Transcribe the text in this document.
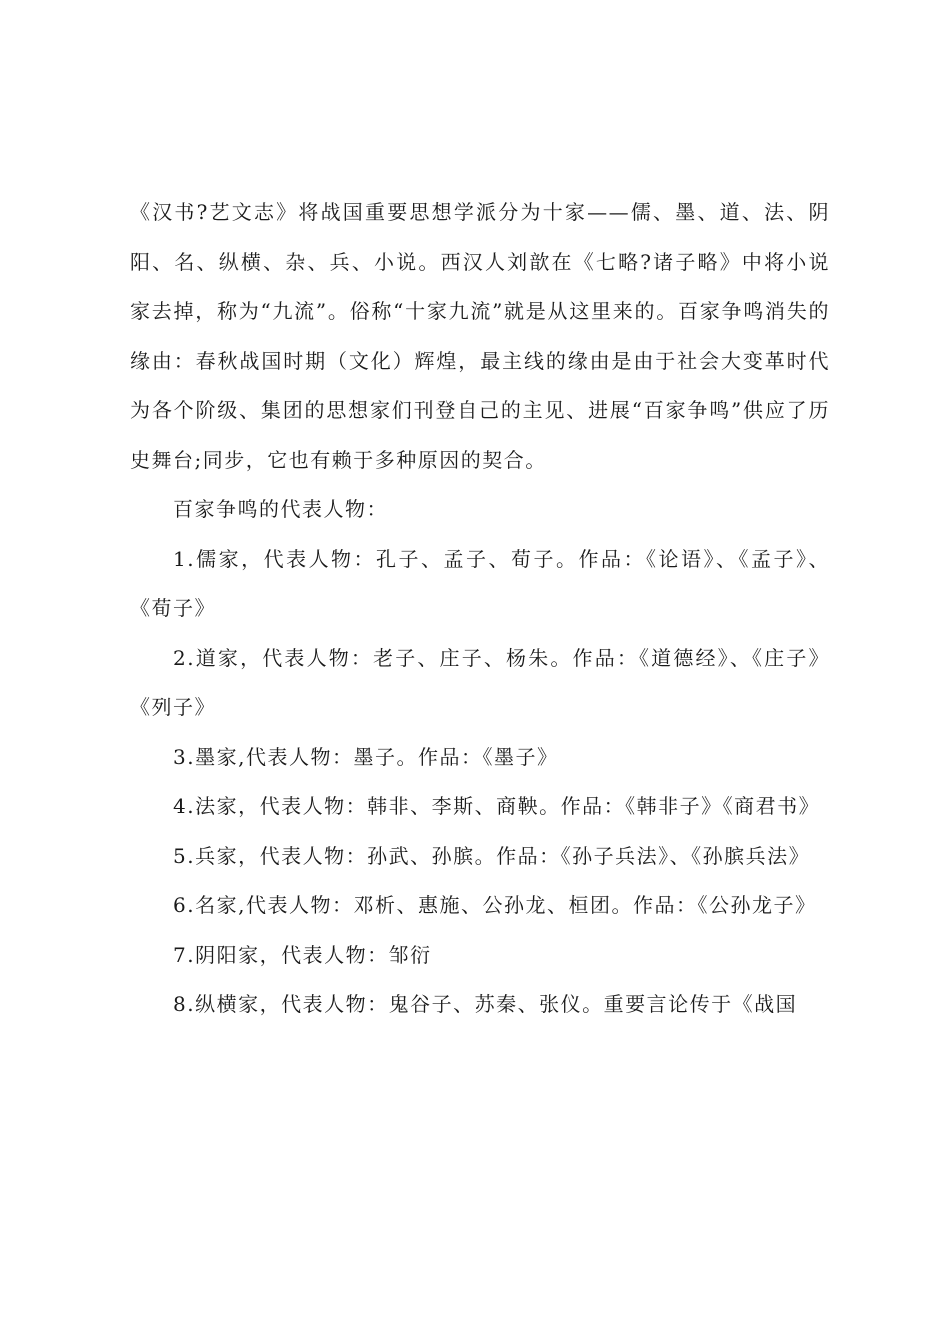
《汉书?艺文志》将战国重要思想学派分为十家——儒、墨、道、法、阴阳、名、纵横、杂、兵、小说。西汉人刘歆在《七略?诸子略》中将小说家去掉，称为“九流”。俗称“十家九流”就是从这里来的。百家争鸣消失的缘由：春秋战国时期（文化）辉煌，最主线的缘由是由于社会大变革时代为各个阶级、集团的思想家们刊登自己的主见、进展“百家争鸣”供应了历史舞台;同步，它也有赖于多种原因的契合。

百家争鸣的代表人物：

1.儒家，代表人物：孔子、孟子、荀子。作品：《论语》、《孟子》、《荀子》

2.道家，代表人物：老子、庄子、杨朱。作品：《道德经》、《庄子》《列子》

3.墨家,代表人物：墨子。作品：《墨子》

4.法家，代表人物：韩非、李斯、商鞅。作品：《韩非子》《商君书》

5.兵家，代表人物：孙武、孙膑。作品：《孙子兵法》、《孙膑兵法》

6.名家,代表人物：邓析、惠施、公孙龙、桓团。作品：《公孙龙子》

7.阴阳家，代表人物：邹衍

8.纵横家，代表人物：鬼谷子、苏秦、张仪。重要言论传于《战国
